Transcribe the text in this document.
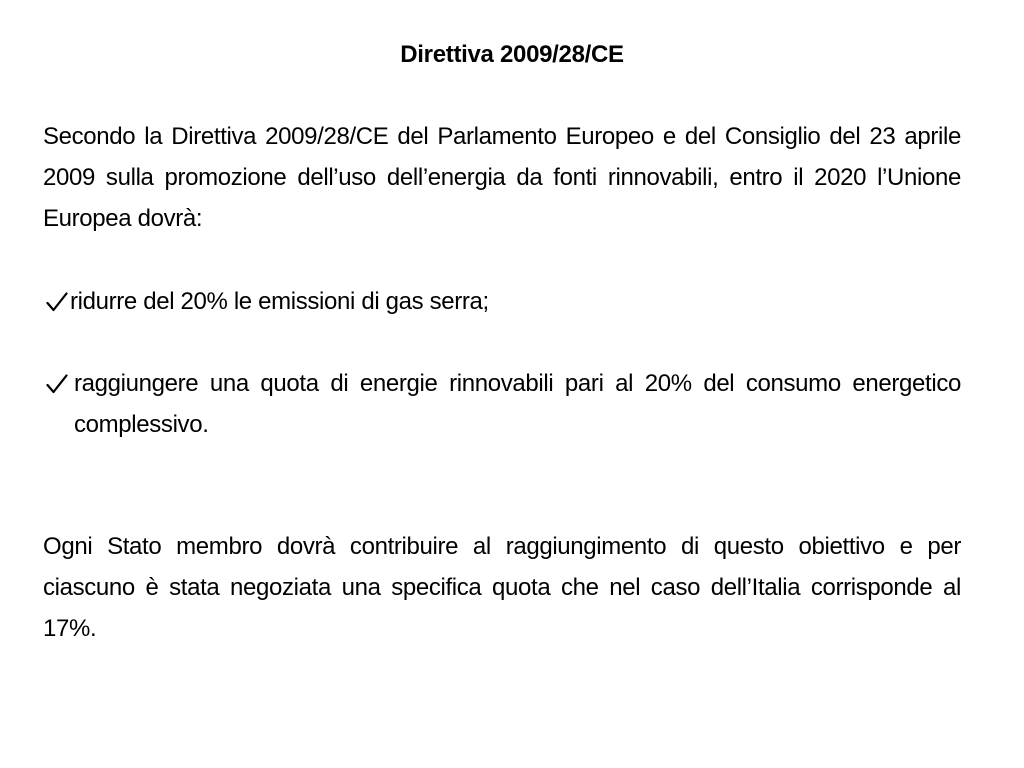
Direttiva 2009/28/CE
Secondo la Direttiva 2009/28/CE del Parlamento Europeo e del Consiglio del 23 aprile 2009 sulla promozione dell’uso dell’energia da fonti rinnovabili, entro il 2020 l’Unione Europea dovrà:
ridurre del 20% le emissioni di gas serra;
raggiungere una quota di energie rinnovabili pari al 20% del consumo energetico complessivo.
Ogni Stato membro dovrà contribuire al raggiungimento di questo obiettivo e per ciascuno è stata negoziata una specifica quota che nel caso dell’Italia corrisponde al 17%.
